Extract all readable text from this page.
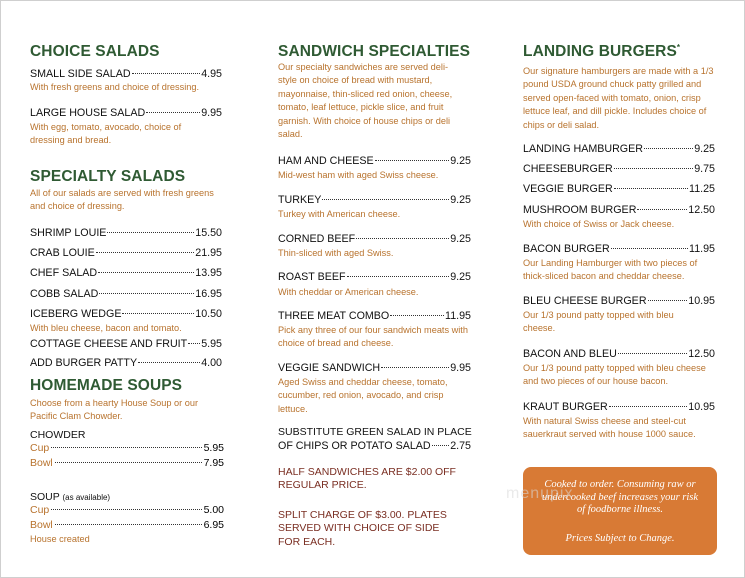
CHOICE SALADS
SMALL SIDE SALAD	4.95
With fresh greens and choice of dressing.
LARGE HOUSE SALAD	9.95
With egg, tomato, avocado, choice of dressing and bread.
SPECIALTY SALADS
All of our salads are served with fresh greens and choice of dressing.
SHRIMP LOUIE	15.50
CRAB LOUIE	21.95
CHEF SALAD	13.95
COBB SALAD	16.95
ICEBERG WEDGE	10.50
With bleu cheese, bacon and tomato.
COTTAGE CHEESE AND FRUIT 5.95
ADD BURGER PATTY	4.00
HOMEMADE SOUPS
Choose from a hearty House Soup or our Pacific Clam Chowder.
CHOWDER
Cup	5.95
Bowl	7.95
SOUP (as available)
Cup	5.00
Bowl	6.95
House created
SANDWICH SPECIALTIES
Our specialty sandwiches are served deli-style on choice of bread with mustard, mayonnaise, thin-sliced red onion, cheese, tomato, leaf lettuce, pickle slice, and fruit garnish. With choice of house chips or deli salad.
HAM AND CHEESE	9.25
Mid-west ham with aged Swiss cheese.
TURKEY	9.25
Turkey with American cheese.
CORNED BEEF	9.25
Thin-sliced with aged Swiss.
ROAST BEEF	9.25
With cheddar or American cheese.
THREE MEAT COMBO	11.95
Pick any three of our four sandwich meats with choice of bread and cheese.
VEGGIE SANDWICH	9.95
Aged Swiss and cheddar cheese, tomato, cucumber, red onion, avocado, and crisp lettuce.
SUBSTITUTE GREEN SALAD IN PLACE
OF CHIPS OR POTATO SALAD 2.75
HALF SANDWICHES ARE $2.00 OFF
REGULAR PRICE.
SPLIT CHARGE OF $3.00. PLATES
SERVED WITH CHOICE OF SIDE
FOR EACH.
LANDING BURGERS*
Our signature hamburgers are made with a 1/3 pound USDA ground chuck patty grilled and served open-faced with tomato, onion, crisp lettuce leaf, and dill pickle. Includes choice of chips or deli salad.
LANDING HAMBURGER	9.25
CHEESEBURGER	9.75
VEGGIE BURGER	11.25
MUSHROOM BURGER	12.50
With choice of Swiss or Jack cheese.
BACON BURGER	11.95
Our Landing Hamburger with two pieces of thick-sliced bacon and cheddar cheese.
BLEU CHEESE BURGER	10.95
Our 1/3 pound patty topped with bleu cheese.
BACON AND BLEU	12.50
Our 1/3 pound patty topped with bleu cheese and two pieces of our house bacon.
KRAUT BURGER	10.95
With natural Swiss cheese and steel-cut sauerkraut served with house 1000 sauce.
Cooked to order. Consuming raw or undercooked beef increases your risk of foodborne illness.
Prices Subject to Change.
menupix
